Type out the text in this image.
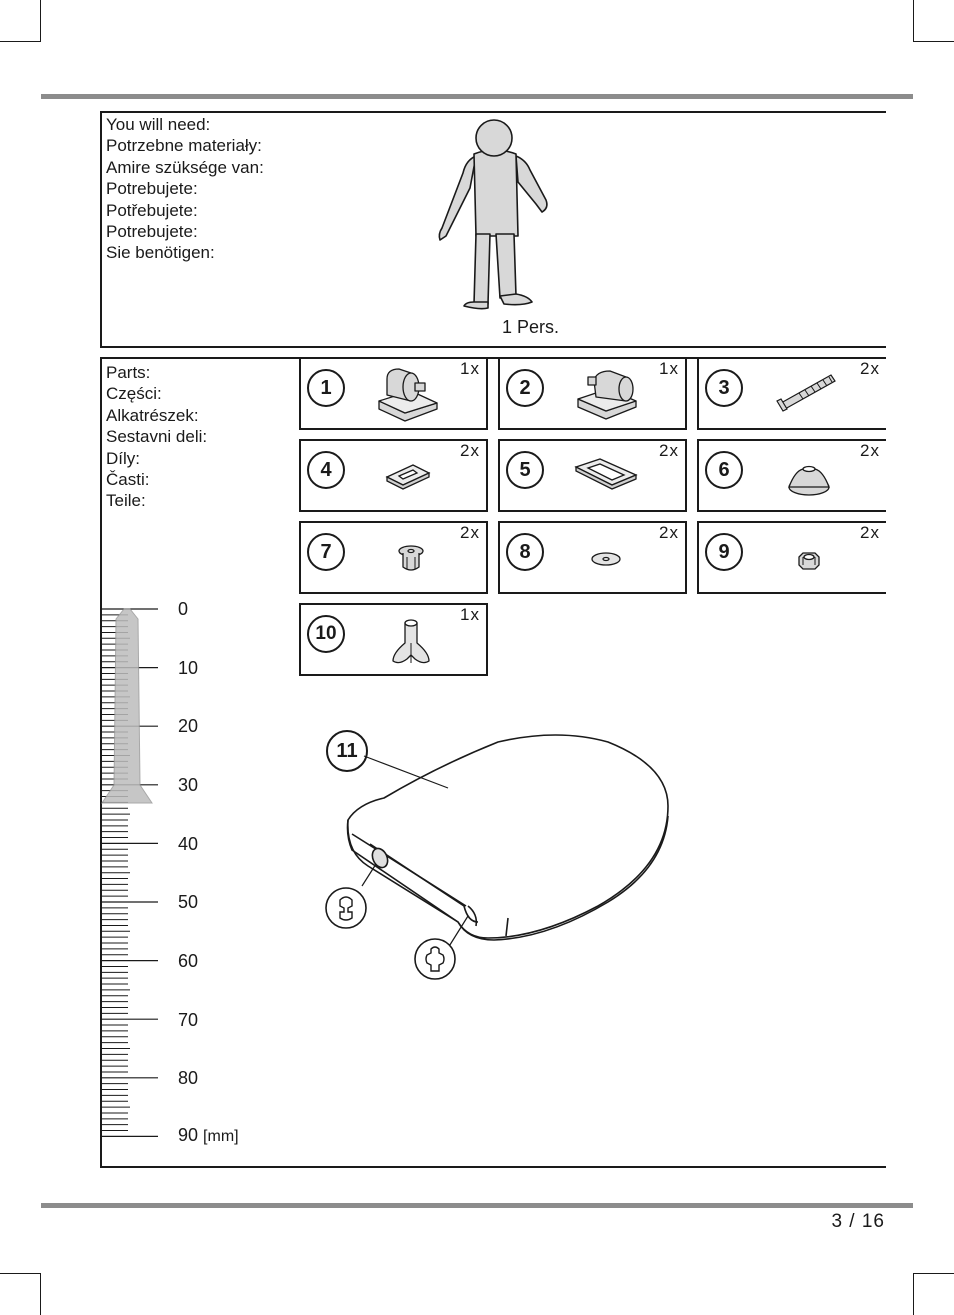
You will need:
Potrzebne materiały:
Amire szüksége van:
Potrebujete:
Potřebujete:
Potrebujete:
Sie benötigen:
1 Pers.
Parts:
Części:
Alkatrészek:
Sestavni deli:
Díly:
Časti:
Teile:
1
1x
2
1x
3
2x
4
2x
5
2x
6
2x
7
2x
8
2x
9
2x
10
1x
0
10
20
30
40
50
60
70
80
90 [mm]
11
3 / 16
